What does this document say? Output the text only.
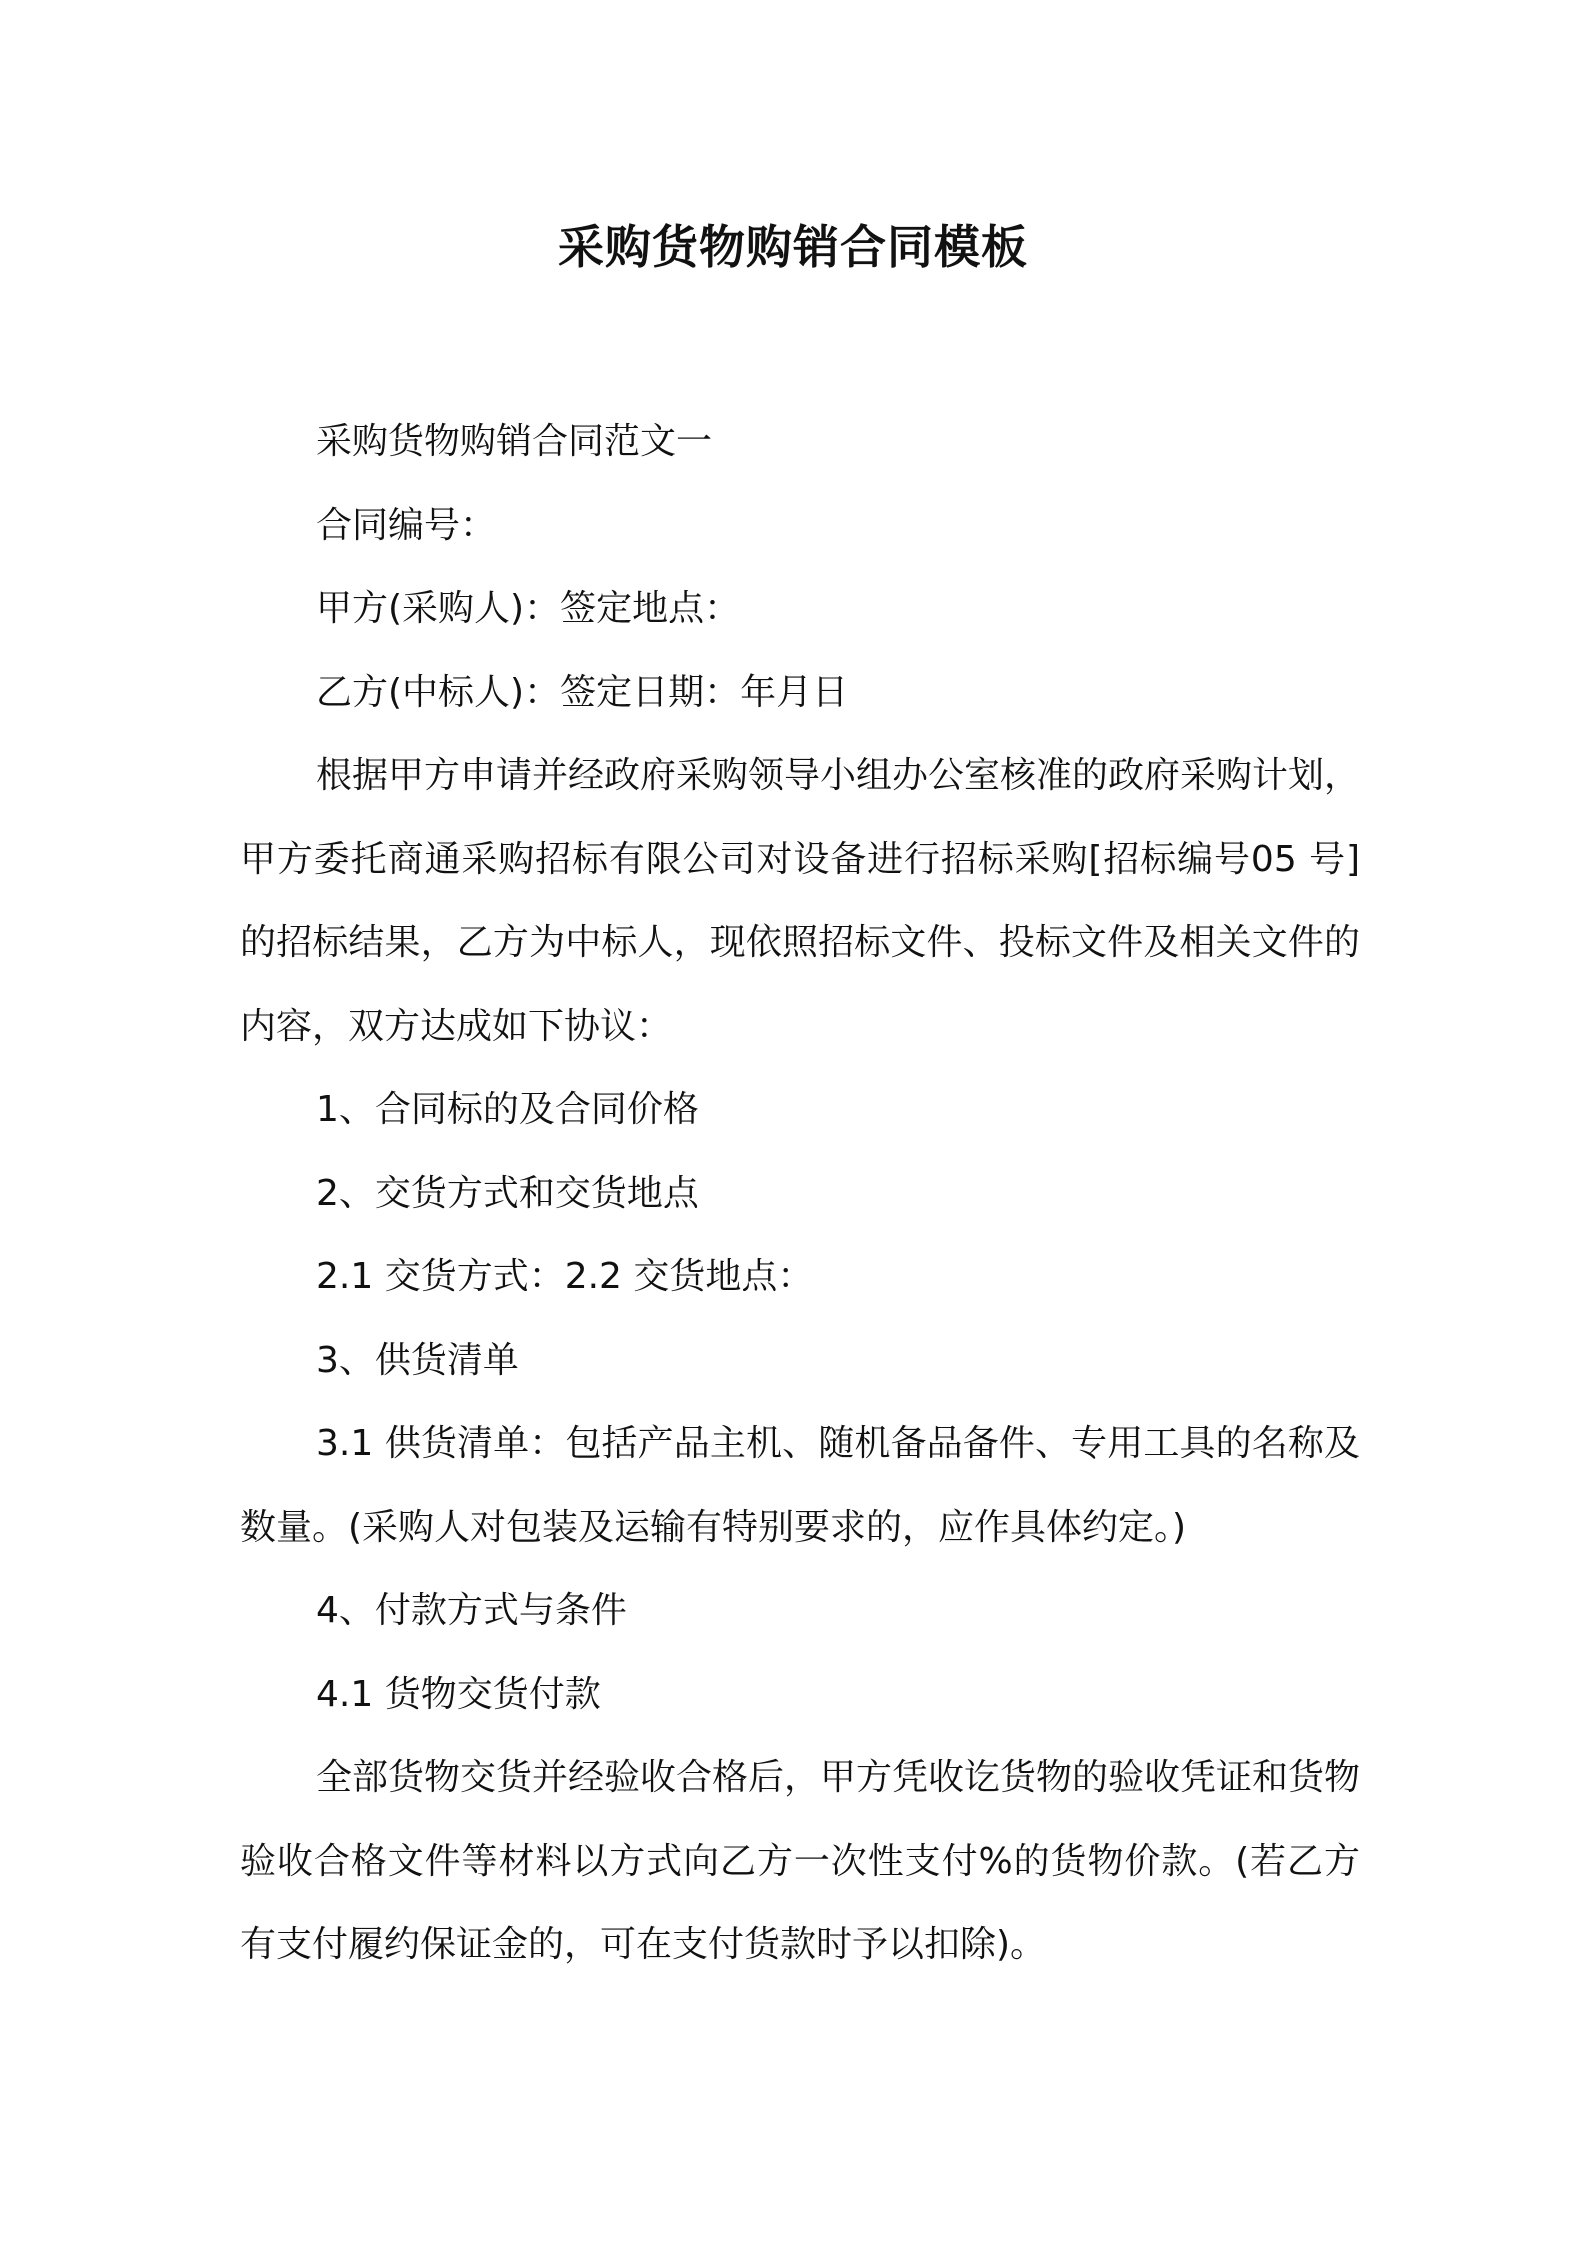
采购货物购销合同模板

采购货物购销合同范文一

合同编号：

甲方(采购人)：签定地点：

乙方(中标人)：签定日期：年月日

根据甲方申请并经政府采购领导小组办公室核准的政府采购计划，甲方委托商通采购招标有限公司对设备进行招标采购[招标编号05 号]的招标结果，乙方为中标人，现依照招标文件、投标文件及相关文件的内容，双方达成如下协议：

1、合同标的及合同价格

2、交货方式和交货地点

2.1 交货方式：2.2 交货地点：

3、供货清单

3.1 供货清单：包括产品主机、随机备品备件、专用工具的名称及数量。(采购人对包装及运输有特别要求的，应作具体约定。)

4、付款方式与条件

4.1 货物交货付款

全部货物交货并经验收合格后，甲方凭收讫货物的验收凭证和货物验收合格文件等材料以方式向乙方一次性支付%的货物价款。(若乙方有支付履约保证金的，可在支付货款时予以扣除)。
